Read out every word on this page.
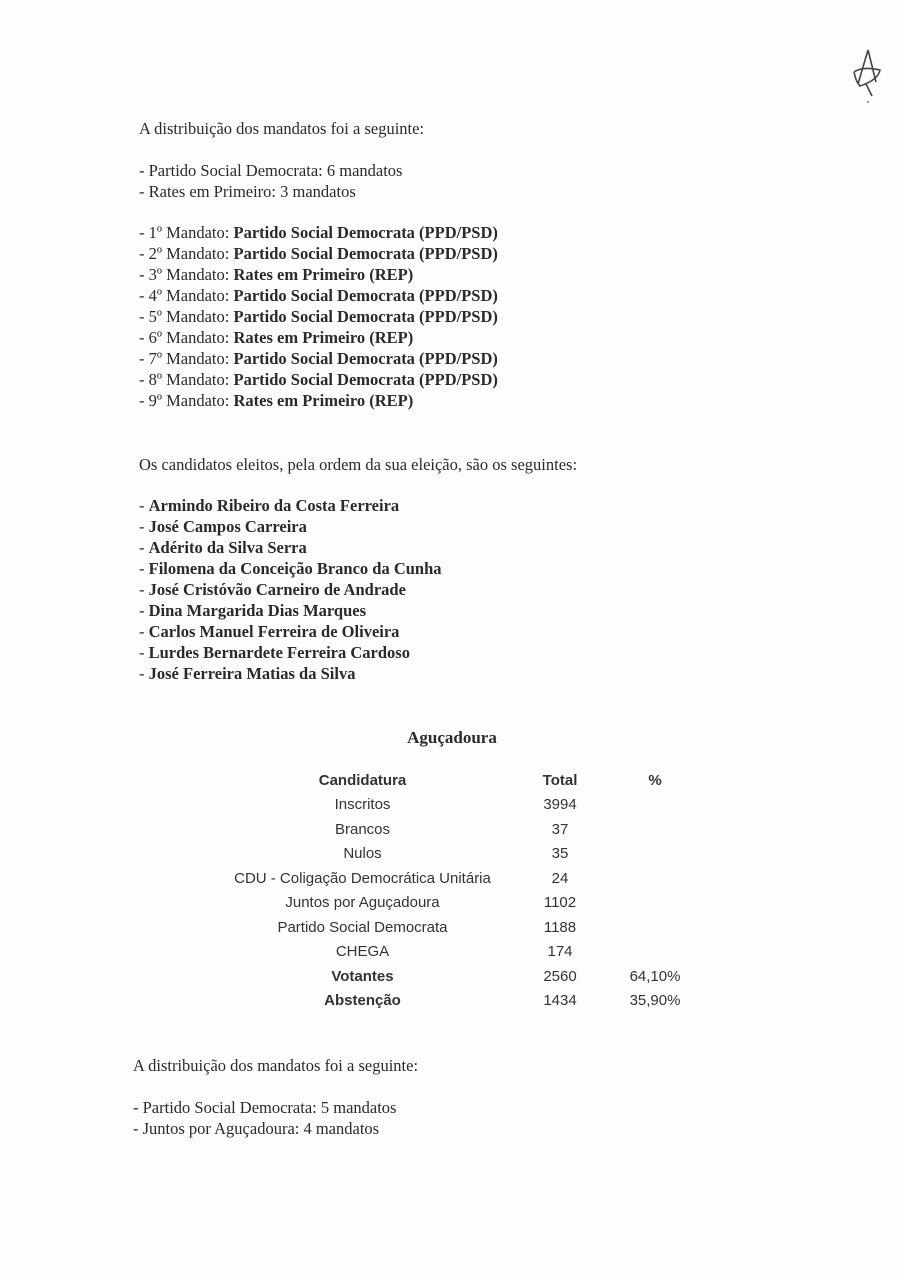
A distribuição dos mandatos foi a seguinte:
- Partido Social Democrata: 6 mandatos
- Rates em Primeiro: 3 mandatos
- 1º Mandato: Partido Social Democrata (PPD/PSD)
- 2º Mandato: Partido Social Democrata (PPD/PSD)
- 3º Mandato: Rates em Primeiro (REP)
- 4º Mandato: Partido Social Democrata (PPD/PSD)
- 5º Mandato: Partido Social Democrata (PPD/PSD)
- 6º Mandato: Rates em Primeiro (REP)
- 7º Mandato: Partido Social Democrata (PPD/PSD)
- 8º Mandato: Partido Social Democrata (PPD/PSD)
- 9º Mandato: Rates em Primeiro (REP)
Os candidatos eleitos, pela ordem da sua eleição, são os seguintes:
- Armindo Ribeiro da Costa Ferreira
- José Campos Carreira
- Adérito da Silva Serra
- Filomena da Conceição Branco da Cunha
- José Cristóvão Carneiro de Andrade
- Dina Margarida Dias Marques
- Carlos Manuel Ferreira de Oliveira
- Lurdes Bernardete Ferreira Cardoso
- José Ferreira Matias da Silva
Aguçadoura
Candidatura	Total	%
Inscritos	3994	
Brancos	37	
Nulos	35	
CDU - Coligação Democrática Unitária	24	
Juntos por Aguçadoura	1102	
Partido Social Democrata	1188	
CHEGA	174	
Votantes	2560	64,10%
Abstenção	1434	35,90%
A distribuição dos mandatos foi a seguinte:
- Partido Social Democrata: 5 mandatos
- Juntos por Aguçadoura: 4 mandatos
